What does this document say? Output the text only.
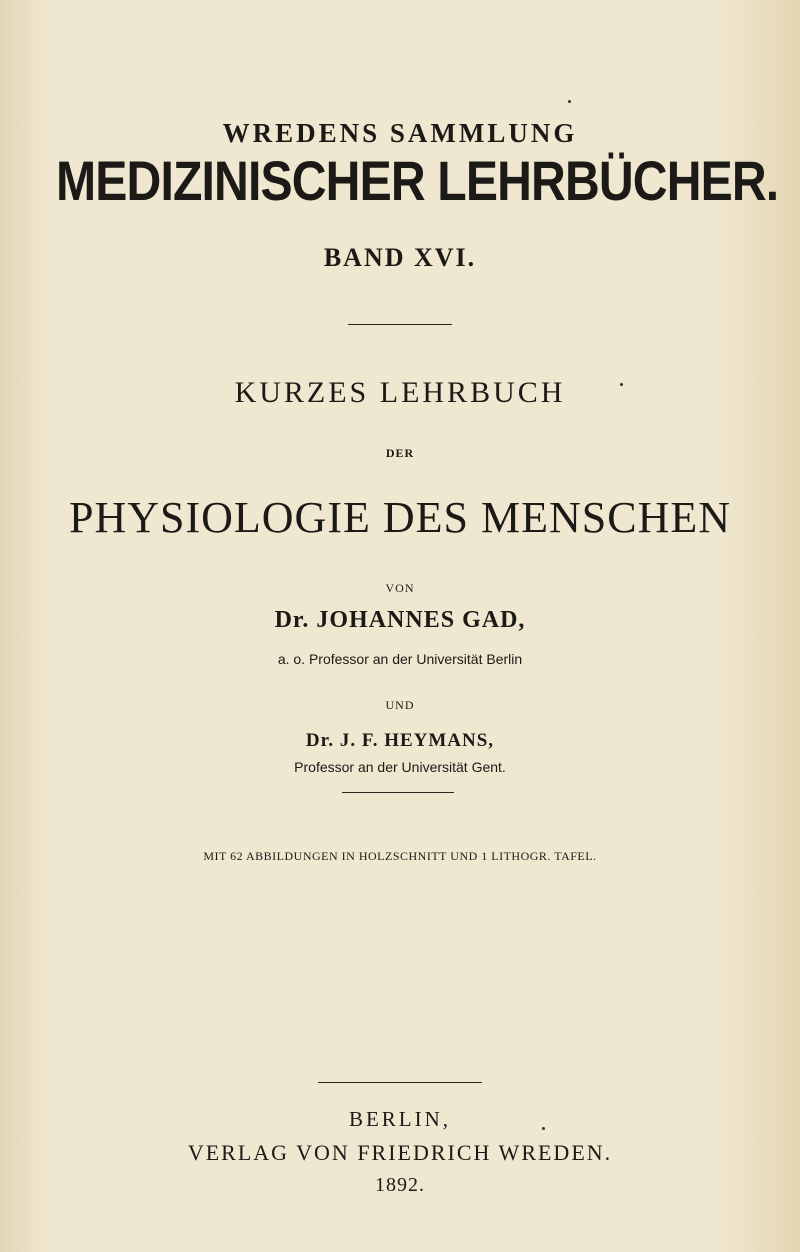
WREDENS SAMMLUNG
MEDIZINISCHER LEHRBÜCHER.
BAND XVI.
KURZES LEHRBUCH
DER
PHYSIOLOGIE DES MENSCHEN
VON
Dr. JOHANNES GAD,
a. o. Professor an der Universität Berlin
UND
Dr. J. F. HEYMANS,
Professor an der Universität Gent.
MIT 62 ABBILDUNGEN IN HOLZSCHNITT UND 1 LITHOGR. TAFEL.
BERLIN,
VERLAG VON FRIEDRICH WREDEN.
1892.
